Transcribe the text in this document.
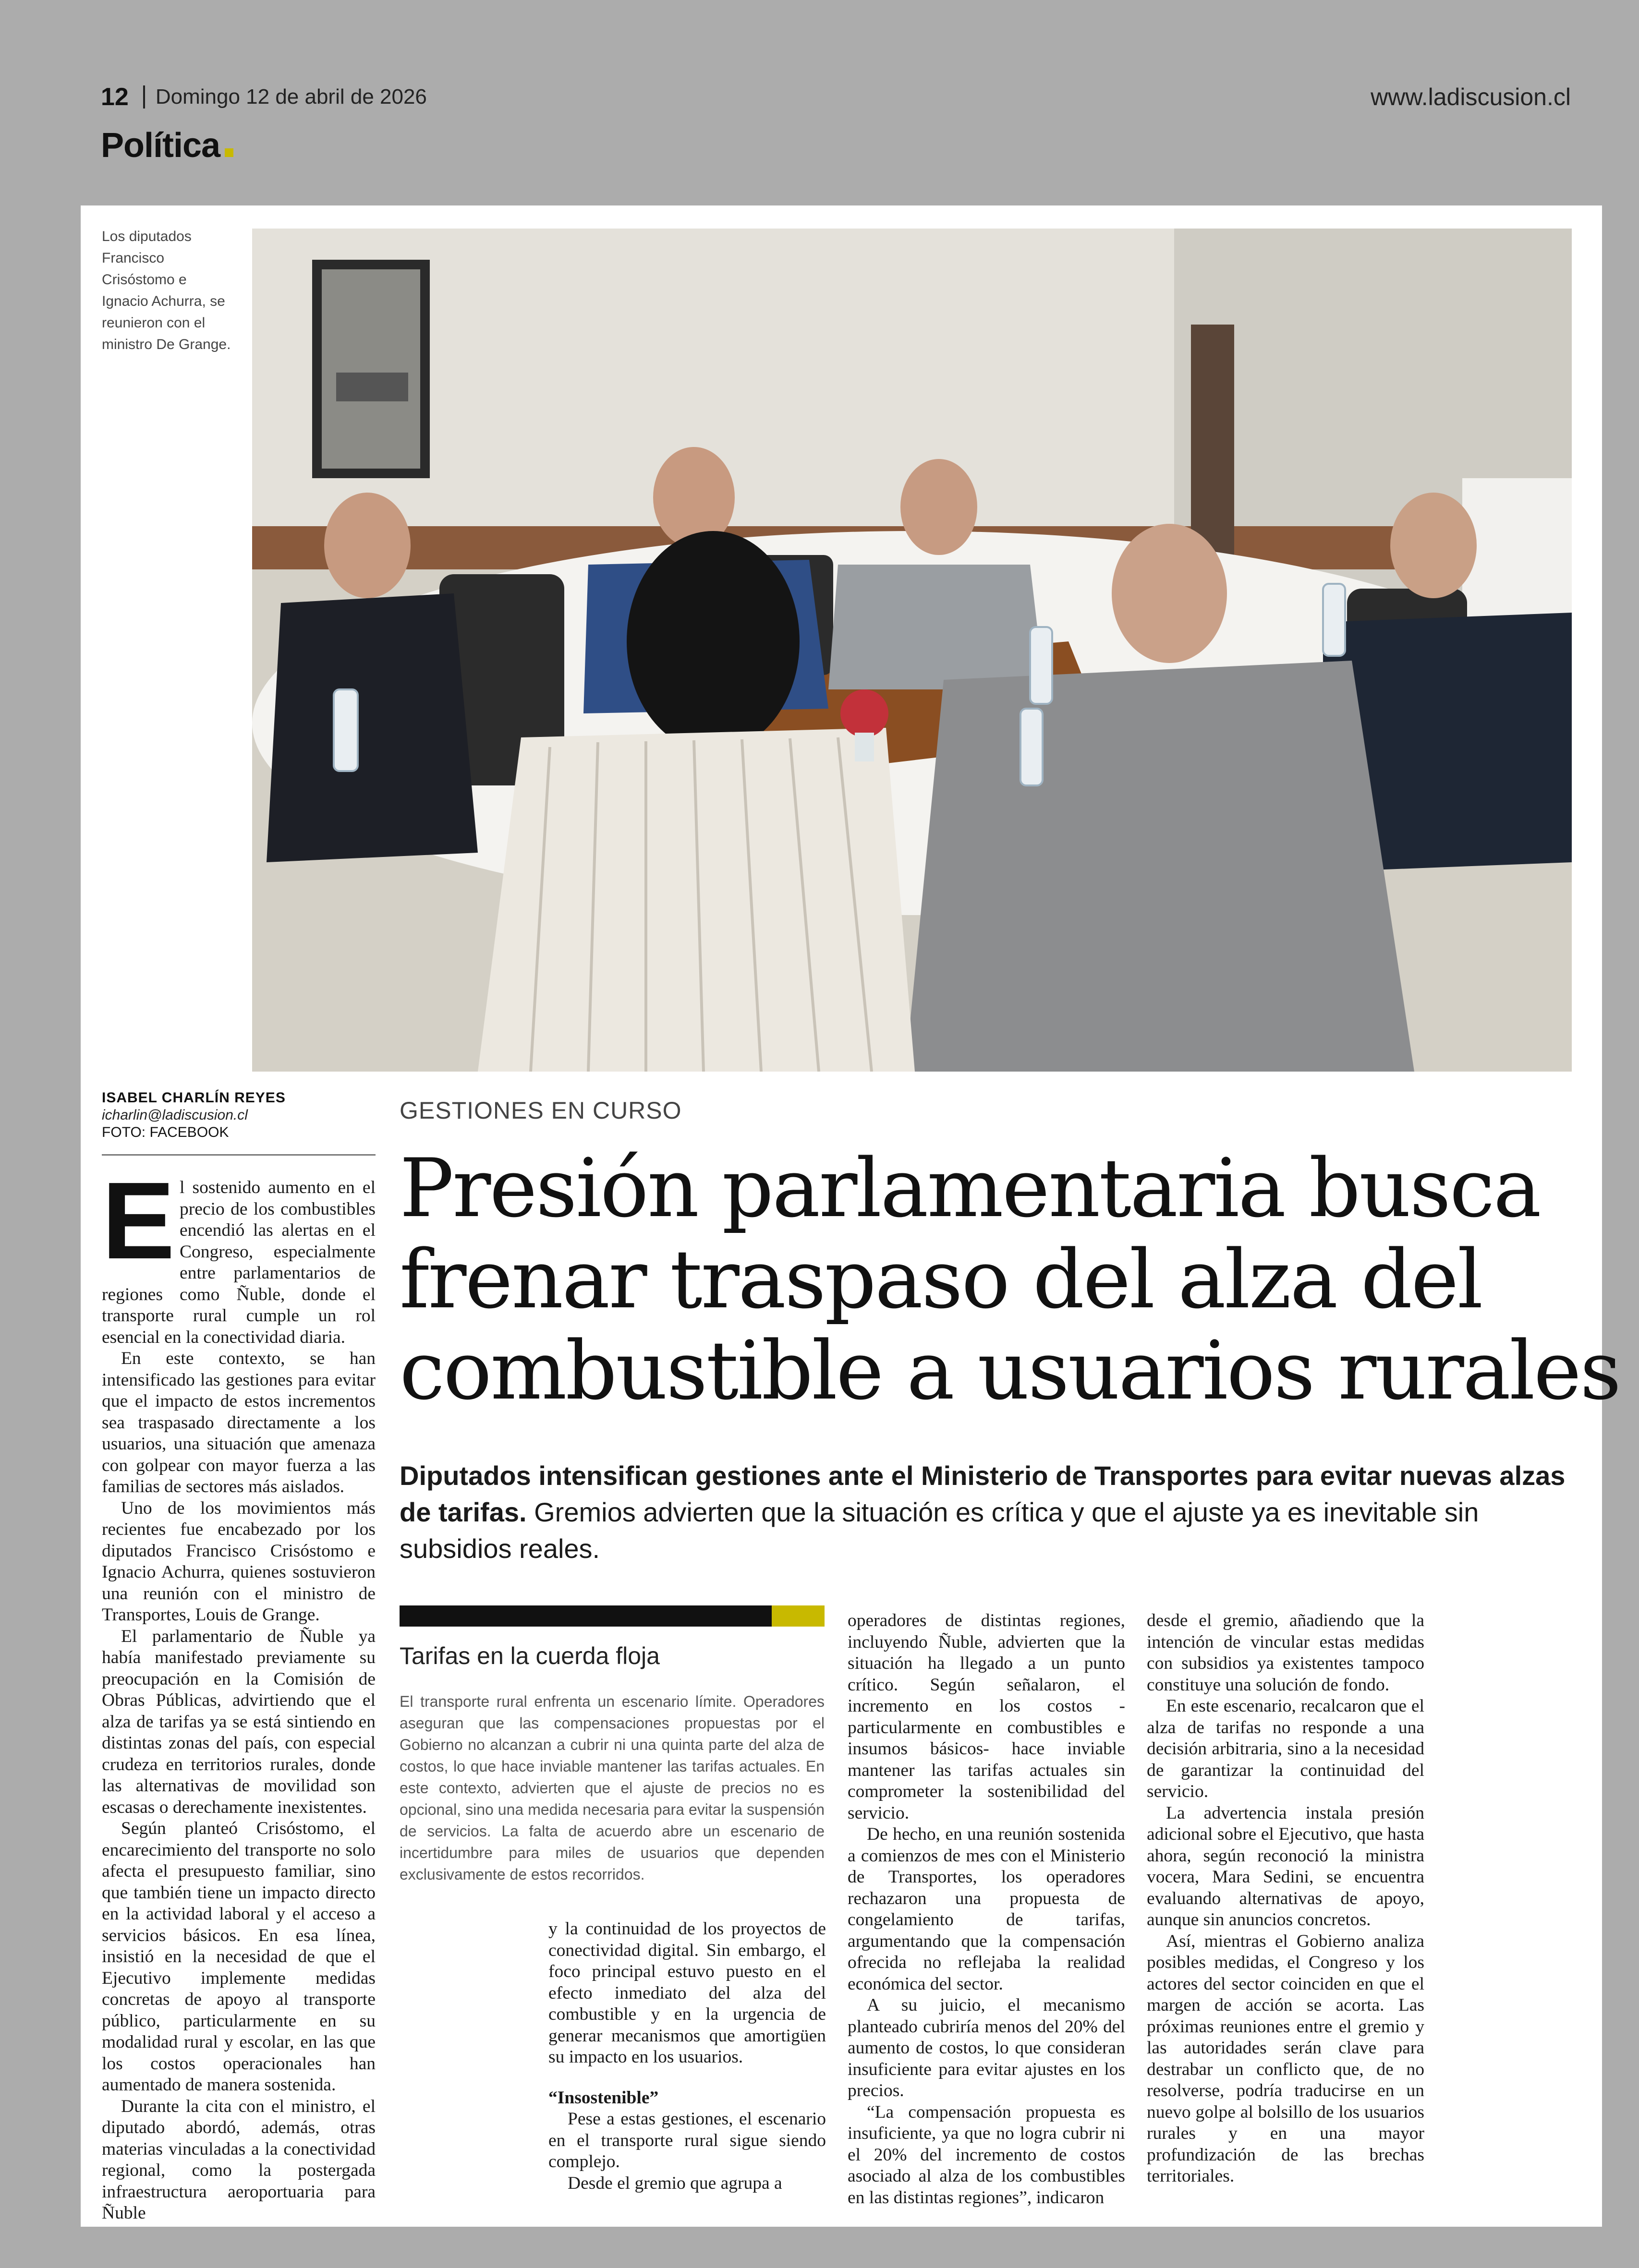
12 Domingo 12 de abril de 2026	www.ladiscusion.cl
Política
Los diputados Francisco Crisóstomo e Ignacio Achurra, se reunieron con el ministro De Grange.
ISABEL CHARLÍN REYES
icharlin@ladiscusion.cl
FOTO: FACEBOOK
GESTIONES EN CURSO
Presión parlamentaria busca
frenar traspaso del alza del
combustible a usuarios rurales
Diputados intensifican gestiones ante el Ministerio de Transportes para evitar nuevas alzas de tarifas. Gremios advierten que la situación es crítica y que el ajuste ya es inevitable sin subsidios reales.

El sostenido aumento en el precio de los combustibles encendió las alertas en el Congreso, especialmente entre parlamentarios de regiones como Ñuble, donde el transporte rural cumple un rol esencial en la conectividad diaria.

En este contexto, se han intensificado las gestiones para evitar que el impacto de estos incrementos sea traspasado directamente a los usuarios, una situación que amenaza con golpear con mayor fuerza a las familias de sectores más aislados.

Uno de los movimientos más recientes fue encabezado por los diputados Francisco Crisóstomo e Ignacio Achurra, quienes sostuvieron una reunión con el ministro de Transportes, Louis de Grange.

El parlamentario de Ñuble ya había manifestado previamente su preocupación en la Comisión de Obras Públicas, advirtiendo que el alza de tarifas ya se está sintiendo en distintas zonas del país, con especial crudeza en territorios rurales, donde las alternativas de movilidad son escasas o derechamente inexistentes.

Según planteó Crisóstomo, el encarecimiento del transporte no solo afecta el presupuesto familiar, sino que también tiene un impacto directo en la actividad laboral y el acceso a servicios básicos. En esa línea, insistió en la necesidad de que el Ejecutivo implemente medidas concretas de apoyo al transporte público, particularmente en su modalidad rural y escolar, en las que los costos operacionales han aumentado de manera sostenida.

Durante la cita con el ministro, el diputado abordó, además, otras materias vinculadas a la conectividad regional, como la postergada infraestructura aeroportuaria para Ñuble

Tarifas en la cuerda floja
El transporte rural enfrenta un escenario límite. Operadores aseguran que las compensaciones propuestas por el Gobierno no alcanzan a cubrir ni una quinta parte del alza de costos, lo que hace inviable mantener las tarifas actuales. En este contexto, advierten que el ajuste de precios no es opcional, sino una medida necesaria para evitar la suspensión de servicios. La falta de acuerdo abre un escenario de incertidumbre para miles de usuarios que dependen exclusivamente de estos recorridos.

y la continuidad de los proyectos de conectividad digital. Sin embargo, el foco principal estuvo puesto en el efecto inmediato del alza del combustible y en la urgencia de generar mecanismos que amortigüen su impacto en los usuarios.

“Insostenible”

Pese a estas gestiones, el escenario en el transporte rural sigue siendo complejo.

Desde el gremio que agrupa a

operadores de distintas regiones, incluyendo Ñuble, advierten que la situación ha llegado a un punto crítico. Según señalaron, el incremento en los costos -particularmente en combustibles e insumos básicos- hace inviable mantener las tarifas actuales sin comprometer la sostenibilidad del servicio.

De hecho, en una reunión sostenida a comienzos de mes con el Ministerio de Transportes, los operadores rechazaron una propuesta de congelamiento de tarifas, argumentando que la compensación ofrecida no reflejaba la realidad económica del sector.

A su juicio, el mecanismo planteado cubriría menos del 20% del aumento de costos, lo que consideran insuficiente para evitar ajustes en los precios.

“La compensación propuesta es insuficiente, ya que no logra cubrir ni el 20% del incremento de costos asociado al alza de los combustibles en las distintas regiones”, indicaron

desde el gremio, añadiendo que la intención de vincular estas medidas con subsidios ya existentes tampoco constituye una solución de fondo.

En este escenario, recalcaron que el alza de tarifas no responde a una decisión arbitraria, sino a la necesidad de garantizar la continuidad del servicio.

La advertencia instala presión adicional sobre el Ejecutivo, que hasta ahora, según reconoció la ministra vocera, Mara Sedini, se encuentra evaluando alternativas de apoyo, aunque sin anuncios concretos.

Así, mientras el Gobierno analiza posibles medidas, el Congreso y los actores del sector coinciden en que el margen de acción se acorta. Las próximas reuniones entre el gremio y las autoridades serán clave para destrabar un conflicto que, de no resolverse, podría traducirse en un nuevo golpe al bolsillo de los usuarios rurales y en una mayor profundización de las brechas territoriales.
